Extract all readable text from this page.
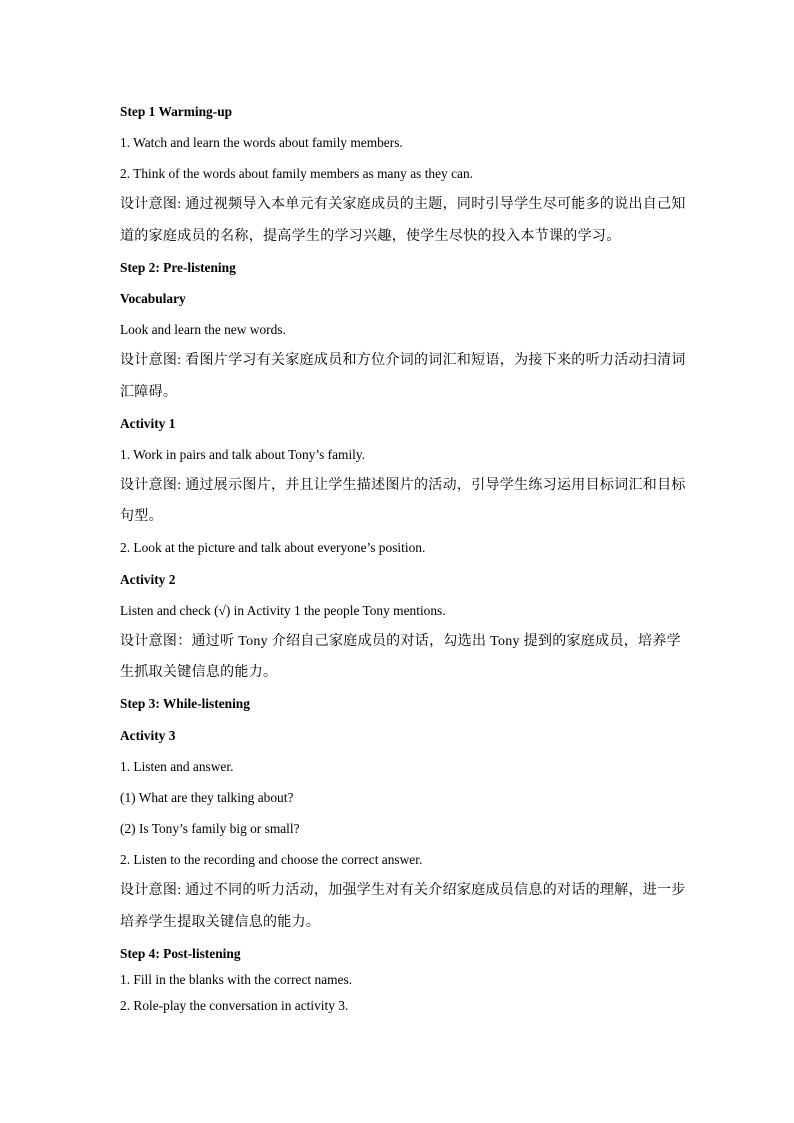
Step 1 Warming-up
1. Watch and learn the words about family members.
2. Think of the words about family members as many as they can.
设计意图: 通过视频导入本单元有关家庭成员的主题，同时引导学生尽可能多的说出自己知
道的家庭成员的名称，提高学生的学习兴趣，使学生尽快的投入本节课的学习。
Step 2: Pre-listening
Vocabulary
Look and learn the new words.
设计意图: 看图片学习有关家庭成员和方位介词的词汇和短语，为接下来的听力活动扫清词
汇障碍。
Activity 1
1. Work in pairs and talk about Tony’s family.
设计意图: 通过展示图片，并且让学生描述图片的活动，引导学生练习运用目标词汇和目标
句型。
2. Look at the picture and talk about everyone’s position.
Activity 2
Listen and check (√) in Activity 1 the people Tony mentions.
设计意图：通过听 Tony 介绍自己家庭成员的对话，勾选出 Tony 提到的家庭成员，培养学
生抓取关键信息的能力。
Step 3: While-listening
Activity 3
1. Listen and answer.
(1) What are they talking about?
(2) Is Tony’s family big or small?
2. Listen to the recording and choose the correct answer.
设计意图: 通过不同的听力活动，加强学生对有关介绍家庭成员信息的对话的理解，进一步
培养学生提取关键信息的能力。
Step 4: Post-listening
1. Fill in the blanks with the correct names.
2. Role-play the conversation in activity 3.
